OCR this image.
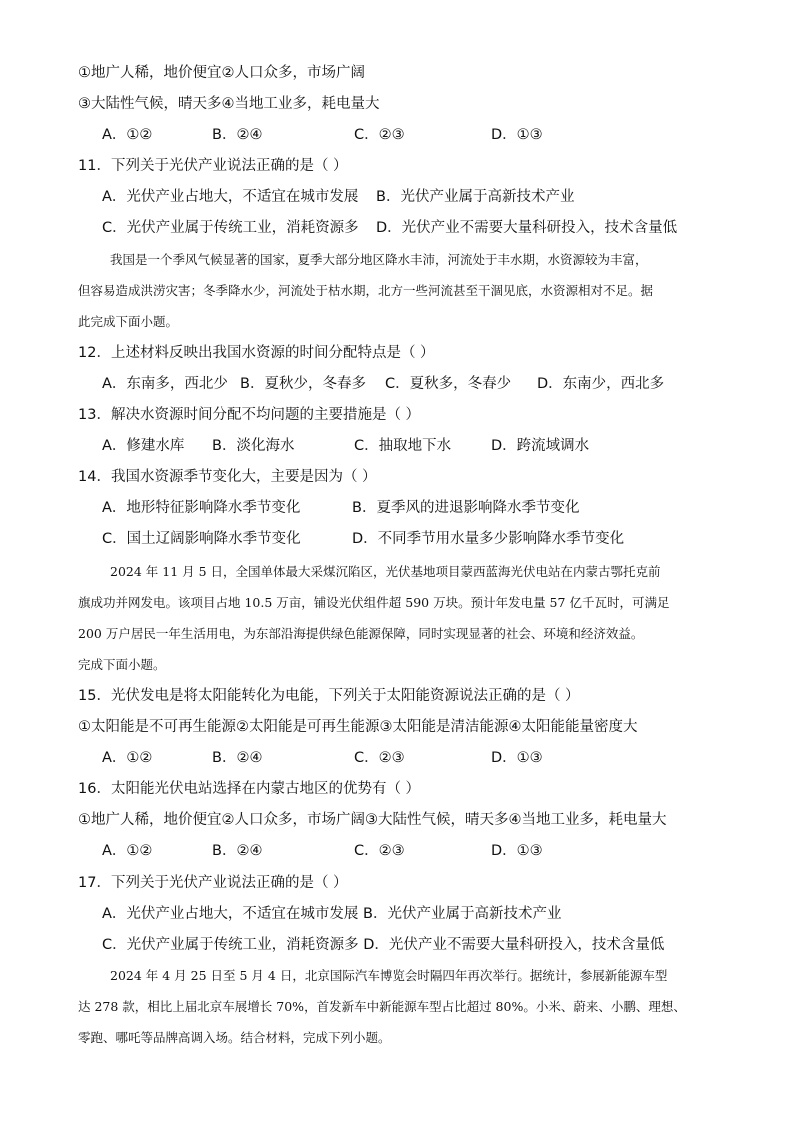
①地广人稀，地价便宜②人口众多，市场广阔
③大陆性气候，晴天多④当地工业多，耗电量大
A．①②	B．②④	C．②③	D．①③
11．下列关于光伏产业说法正确的是（ ）
A．光伏产业占地大，不适宜在城市发展 B．光伏产业属于高新技术产业
C．光伏产业属于传统工业，消耗资源多 D．光伏产业不需要大量科研投入，技术含量低
我国是一个季风气候显著的国家，夏季大部分地区降水丰沛，河流处于丰水期，水资源较为丰富，
但容易造成洪涝灾害；冬季降水少，河流处于枯水期，北方一些河流甚至干涸见底，水资源相对不足。据
此完成下面小题。
12．上述材料反映出我国水资源的时间分配特点是（ ）
A．东南多，西北少 B．夏秋少，冬春多 C．夏秋多，冬春少 D．东南少，西北多
13．解决水资源时间分配不均问题的主要措施是（ ）
A．修建水库 B．淡化海水	C．抽取地下水	D．跨流域调水
14．我国水资源季节变化大，主要是因为（ ）
A．地形特征影响降水季节变化	B．夏季风的进退影响降水季节变化
C．国土辽阔影响降水季节变化	D．不同季节用水量多少影响降水季节变化
2024 年 11 月 5 日，全国单体最大采煤沉陷区，光伏基地项目蒙西蓝海光伏电站在内蒙古鄂托克前
旗成功并网发电。该项目占地 10.5 万亩，铺设光伏组件超 590 万块。预计年发电量 57 亿千瓦时，可满足
200 万户居民一年生活用电，为东部沿海提供绿色能源保障，同时实现显著的社会、环境和经济效益。
完成下面小题。
15．光伏发电是将太阳能转化为电能，下列关于太阳能资源说法正确的是（ ）
①太阳能是不可再生能源②太阳能是可再生能源③太阳能是清洁能源④太阳能能量密度大
A．①②	B．②④	C．②③	D．①③
16．太阳能光伏电站选择在内蒙古地区的优势有（ ）
①地广人稀，地价便宜②人口众多，市场广阔③大陆性气候，晴天多④当地工业多，耗电量大
A．①②	B．②④	C．②③	D．①③
17．下列关于光伏产业说法正确的是（ ）
A．光伏产业占地大，不适宜在城市发展 B．光伏产业属于高新技术产业
C．光伏产业属于传统工业，消耗资源多 D．光伏产业不需要大量科研投入，技术含量低
2024 年 4 月 25 日至 5 月 4 日，北京国际汽车博览会时隔四年再次举行。据统计，参展新能源车型
达 278 款，相比上届北京车展增长 70%，首发新车中新能源车型占比超过 80%。小米、蔚来、小鹏、理想、
零跑、哪吒等品牌高调入场。结合材料，完成下列小题。
